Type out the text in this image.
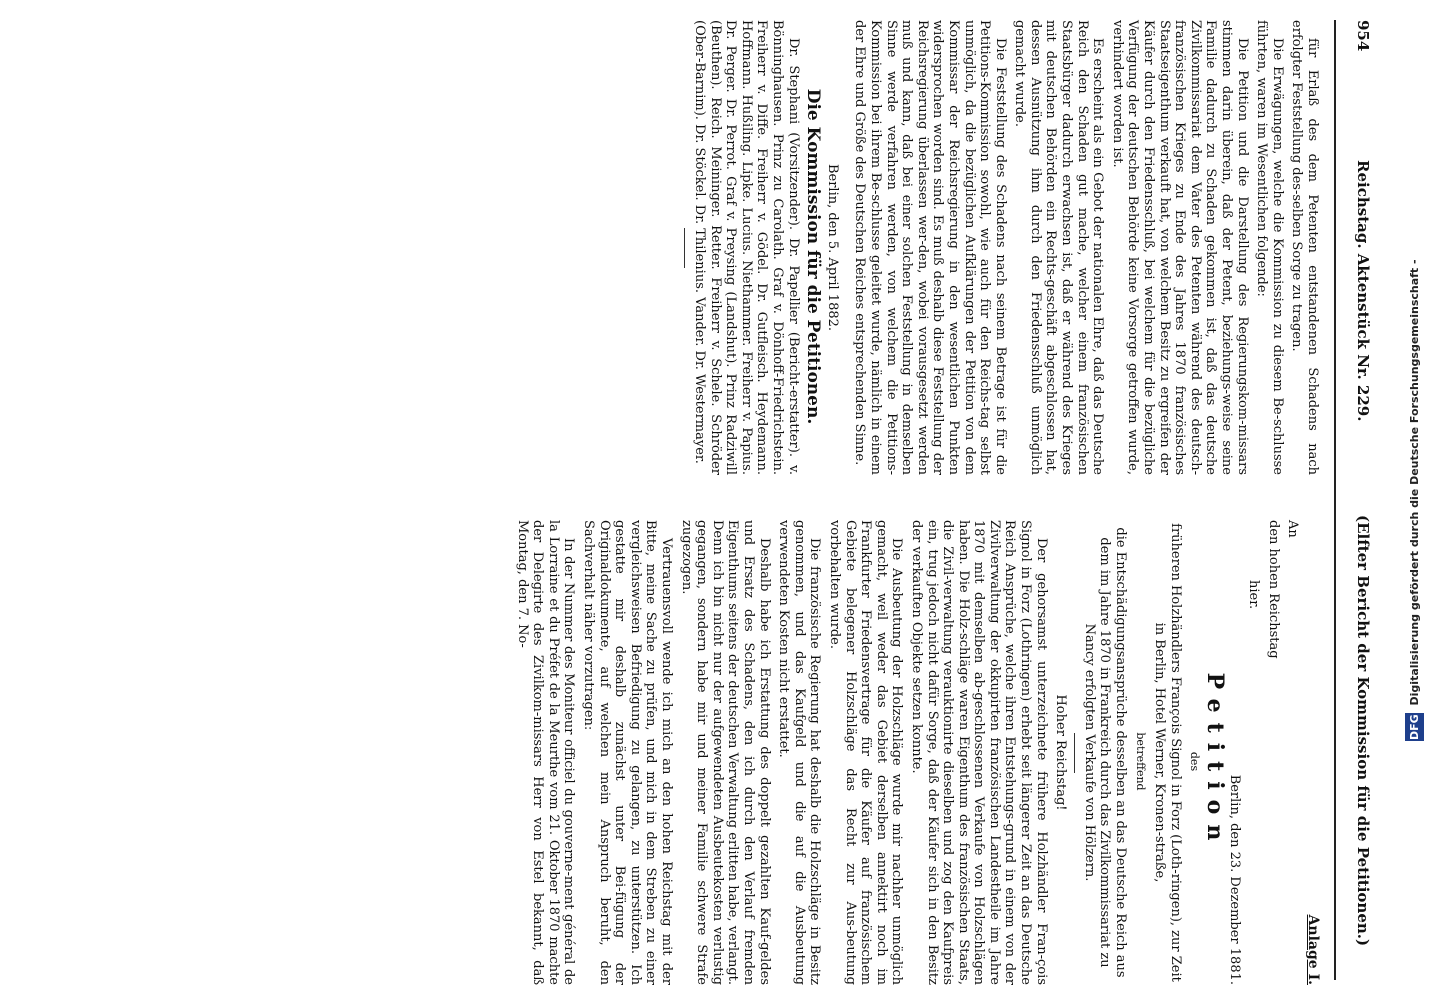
954
Reichstag. Aktenstück Nr. 229.
(Elfter Bericht der Kommission für die Petitionen.)

für Erlaß des dem Petenten entstandenen Schadens nach erfolgter Feststellung des-selben Sorge zu tragen.

Die Erwägungen, welche die Kommission zu diesem Be-schlusse führten, waren im Wesentlichen folgende:

Die Petition und die Darstellung des Regierungskom-missars stimmen darin überein, daß der Petent, beziehungs-weise seine Familie dadurch zu Schaden gekommen ist, daß das deutsche Zivilkommissariat dem Vater des Petenten während des deutsch-französischen Krieges zu Ende des Jahres 1870 französisches Staatseigenthum verkauft hat, von welchem Besitz zu ergreifen der Käufer durch den Friedensschluß, bei welchem für die bezügliche Verfügung der deutschen Behörde keine Vorsorge getroffen wurde, verhindert worden ist.

Es erscheint als ein Gebot der nationalen Ehre, daß das Deutsche Reich den Schaden gut mache, welcher einem französischen Staatsbürger dadurch erwachsen ist, daß er während des Krieges mit deutschen Behörden ein Rechts-geschäft abgeschlossen hat, dessen Ausnützung ihm durch den Friedensschluß unmöglich gemacht wurde.

Die Feststellung des Schadens nach seinem Betrage ist für die Petitions-Kommission sowohl, wie auch für den Reichs-tag selbst unmöglich, da die bezüglichen Aufklärungen der Petition von dem Kommissar der Reichsregierung in den wesentlichen Punkten widersprochen worden sind. Es muß deshalb diese Feststellung der Reichsregierung überlassen wer-den, wobei vorausgesetzt werden muß und kann, daß bei einer solchen Feststellung in demselben Sinne werde verfahren werden, von welchem die Petitions-Kommission bei ihrem Be-schlusse geleitet wurde, nämlich in einem der Ehre und Größe des Deutschen Reiches entsprechenden Sinne.

Berlin, den 5. April 1882.

Die Kommission für die Petitionen.

Dr. Stephani (Vorsitzender). Dr. Papellier (Bericht-erstatter). v. Bönninghausen. Prinz zu Carolath. Graf v. Dönhoff-Friedrichstein. Freiherr v. Diffe. Freiherr v. Gödel. Dr. Gutfleisch. Heydemann. Hoffmann. Hußiling. Lipke. Lucius. Niethammer. Freiherr v. Papius. Dr. Perger. Dr. Perrot. Graf v. Preysing (Landshut). Prinz Radziwill (Beuthen). Reich. Meininger. Retter. Freiherr v. Schele. Schröder (Ober-Barnim). Dr. Stöckel. Dr. Thilenius. Vander. Dr. Westermayer.

Anlage I.

An

den hohen Reichstag

hier.

Berlin, den 23. Dezember 1881.

Petition

des

früheren Holzhändlers François Signol in Forz (Loth-ringen), zur Zeit in Berlin, Hotel Werner, Kronen-straße,

betreffend

die Entschädigungsansprüche desselben an das Deutsche Reich aus dem im Jahre 1870 in Frankreich durch das Zivilkommissariat zu Nancy erfolgten Verkaufe von Hölzern.

Hoher Reichstag!

Der gehorsamst unterzeichnete frühere Holzhändler Fran-çois Signol in Forz (Lothringen) erhebt seit längerer Zeit an das Deutsche Reich Ansprüche, welche ihren Entstehungs-grund in einem von der Zivilverwaltung der okkupirten französischen Landestheile im Jahre 1870 mit demselben ab-geschlossenen Verkaufe von Holzschlägen haben. Die Holz-schläge waren Eigenthum des französischen Staats, die Zivil-verwaltung verauktionirte dieselben und zog den Kaufpreis ein, trug jedoch nicht dafür Sorge, daß der Käufer sich in den Besitz der verkauften Objekte setzen konnte.

Die Ausbeutung der Holzschläge wurde mir nachher unmöglich gemacht, weil weder das Gebiet derselben annektirt noch im Frankfurter Friedensvertrage für die Käufer auf französischem Gebiete belegener Holzschläge das Recht zur Aus-beutung vorbehalten wurde.

Die französische Regierung hat deshalb die Holzschläge in Besitz genommen, und das Kaufgeld und die auf die Ausbeutung verwendeten Kosten nicht erstattet.

Deshalb habe ich Erstattung des doppelt gezahlten Kauf-geldes und Ersatz des Schadens, den ich durch den Verlauf fremden Eigenthums seitens der deutschen Verwaltung erlitten habe, verlangt. Denn ich bin nicht nur der aufgewendeten Ausbeutekosten verlustig gegangen, sondern habe mir und meiner Familie schwere Strafe zugezogen.

Vertrauensvoll wende ich mich an den hohen Reichstag mit der Bitte, meine Sache zu prüfen, und mich in dem Streben zu einer vergleichsweisen Befriedigung zu gelangen, zu unterstützen. Ich gestatte mir deshalb zunächst unter Bei-fügung der Originaldokumente, auf welchen mein Anspruch beruht, den Sachverhalt näher vorzutragen:

In der Nummer des Moniteur officiel du gouverne-ment général de la Lorraine et du Préfet de la Meurthe vom 21. Oktober 1870 machte der Delegirte des Zivilkom-missars Herr von Estel bekannt, daß Montag, den 7. No-

DFG Digitalisierung gefördert durch die Deutsche Forschungsgemeinschaft -
